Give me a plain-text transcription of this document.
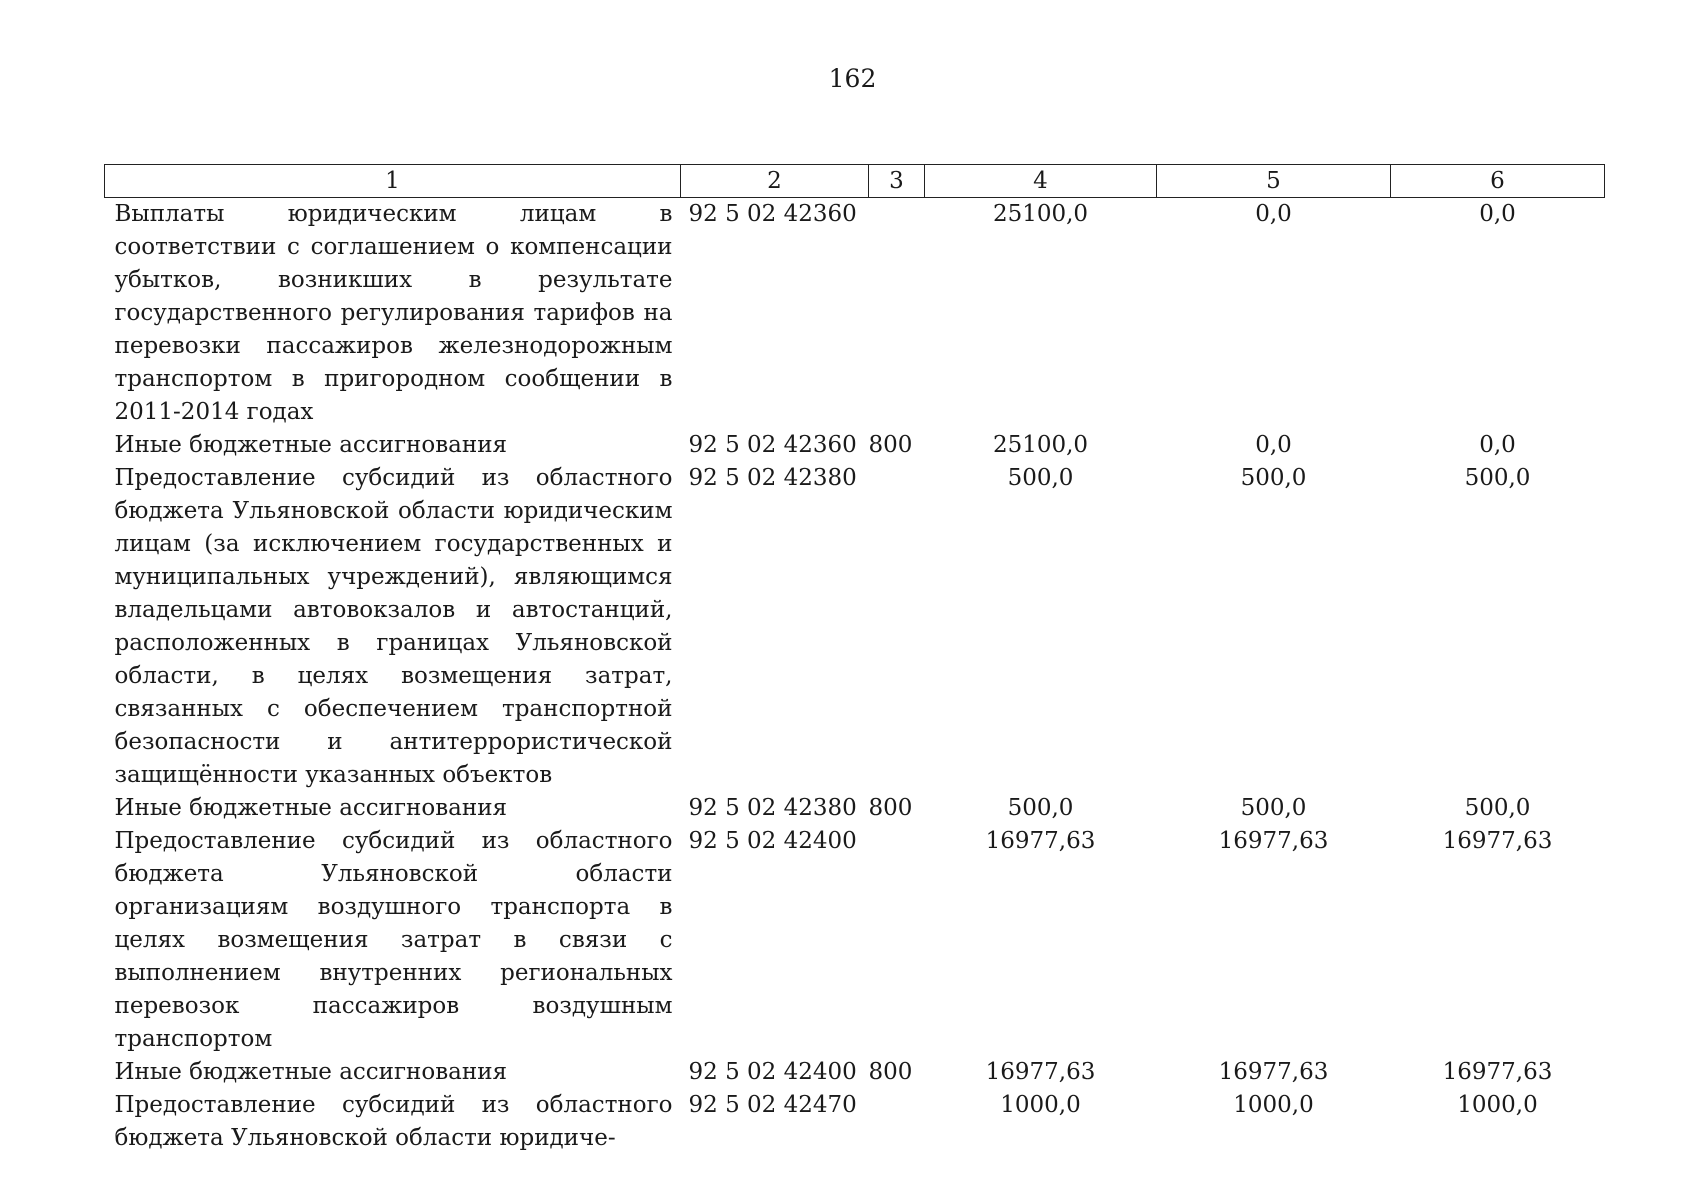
162
1	2	3	4	5	6
Выплаты юридическим лицам в соответствии с соглашением о компенсации убытков, возникших в результате государственного регулирования тарифов на перевозки пассажиров железнодорожным транспортом в пригородном сообщении в 2011-2014 годах	92 5 02 42360		25100,0	0,0	0,0
Иные бюджетные ассигнования	92 5 02 42360	800	25100,0	0,0	0,0
Предоставление субсидий из областного бюджета Ульяновской области юридическим лицам (за исключением государственных и муниципальных учреждений), являющимся владельцами автовокзалов и автостанций, расположенных в границах Ульяновской области, в целях возмещения затрат, связанных с обеспечением транспортной безопасности и антитеррористической защищённости указанных объектов	92 5 02 42380		500,0	500,0	500,0
Иные бюджетные ассигнования	92 5 02 42380	800	500,0	500,0	500,0
Предоставление субсидий из областного бюджета Ульяновской области организациям воздушного транспорта в целях возмещения затрат в связи с выполнением внутренних региональных перевозок пассажиров воздушным транспортом	92 5 02 42400		16977,63	16977,63	16977,63
Иные бюджетные ассигнования	92 5 02 42400	800	16977,63	16977,63	16977,63
Предоставление субсидий из областного бюджета Ульяновской области юридиче-	92 5 02 42470		1000,0	1000,0	1000,0
